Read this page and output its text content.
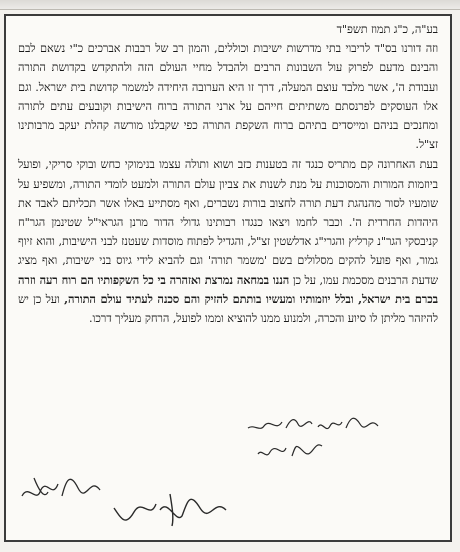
בע"ה, כ"ג תמוז תשפ"ד

וזה דורנו בס"ד לריבוי בתי מדרשות ישיבות וכוללים, והמון רב של רבבות אברכים כ"י נשאם לבם והבינם מדעם לפרוק עול השבונות הרבים ולהבדל מחיי העולם הזה ולהתקדש בקדושת התורה ועבודת ה', אשר מלבד עוצם המעלה, דרך זו היא הערובה היחידה למשמר קדושת בית ישראל. וגם אלו העוסקים לפרנסתם משתיתים חייהם על ארני התורה ברוח הישיבות וקובעים עתים לתורה ומחנכים בניהם ומייסדים בתיהם ברוח השקפת התורה כפי שקבלנו מורשה קהלת יעקב מרבותינו זצ"ל.

בעת האחרונה קם מתריס כנגד זה בטענות כזב ושוא ותולה עצמו בנימוקי כחש ובוקי סריקי, ופועל ביוזמות המורות והמסוכנות על מנת לשנות את צביון עולם התורה ולמעט לומדי התורה, ומשפיע על שומעיו לסור מהנהגת דעת תורה לחצוב בורות נשברים, ואף מסתייע באלו אשר תכליתם לאבד את היהדות החרדית ה'. וכבר לחמו ויצאו כנגדו רבותינו גדולי הדור מרנן הגראי"ל שטינמן הגר"ח קניבסקי הגר"נ קרליץ והגרי"ג אדלשטין זצ"ל, והגדיל לפתוח מוסדות שעטנז לבני הישיבות, והוא זיוף גמור, ואף פועל להקים מסלולים בשם 'משמר תורה' וגם להביא לידי גיוס בני ישיבות, ואף מציג שדעת הרבנים מסכמת עמו, על כן הננו במחאה נמרצת ואזהרה בי כל השקפותיו הם רוח רעה וזרה בכרם בית ישראל, ובלל יוזמותיו ומעשיו בותתם להזיק והם סכנה לעתיד עולם התורה, ועל כן יש להיזהר מליתן לו סיוע והכרה, ולמנוע ממנו להוציא וממו לפועל, הרחק מעליך דרכו.
